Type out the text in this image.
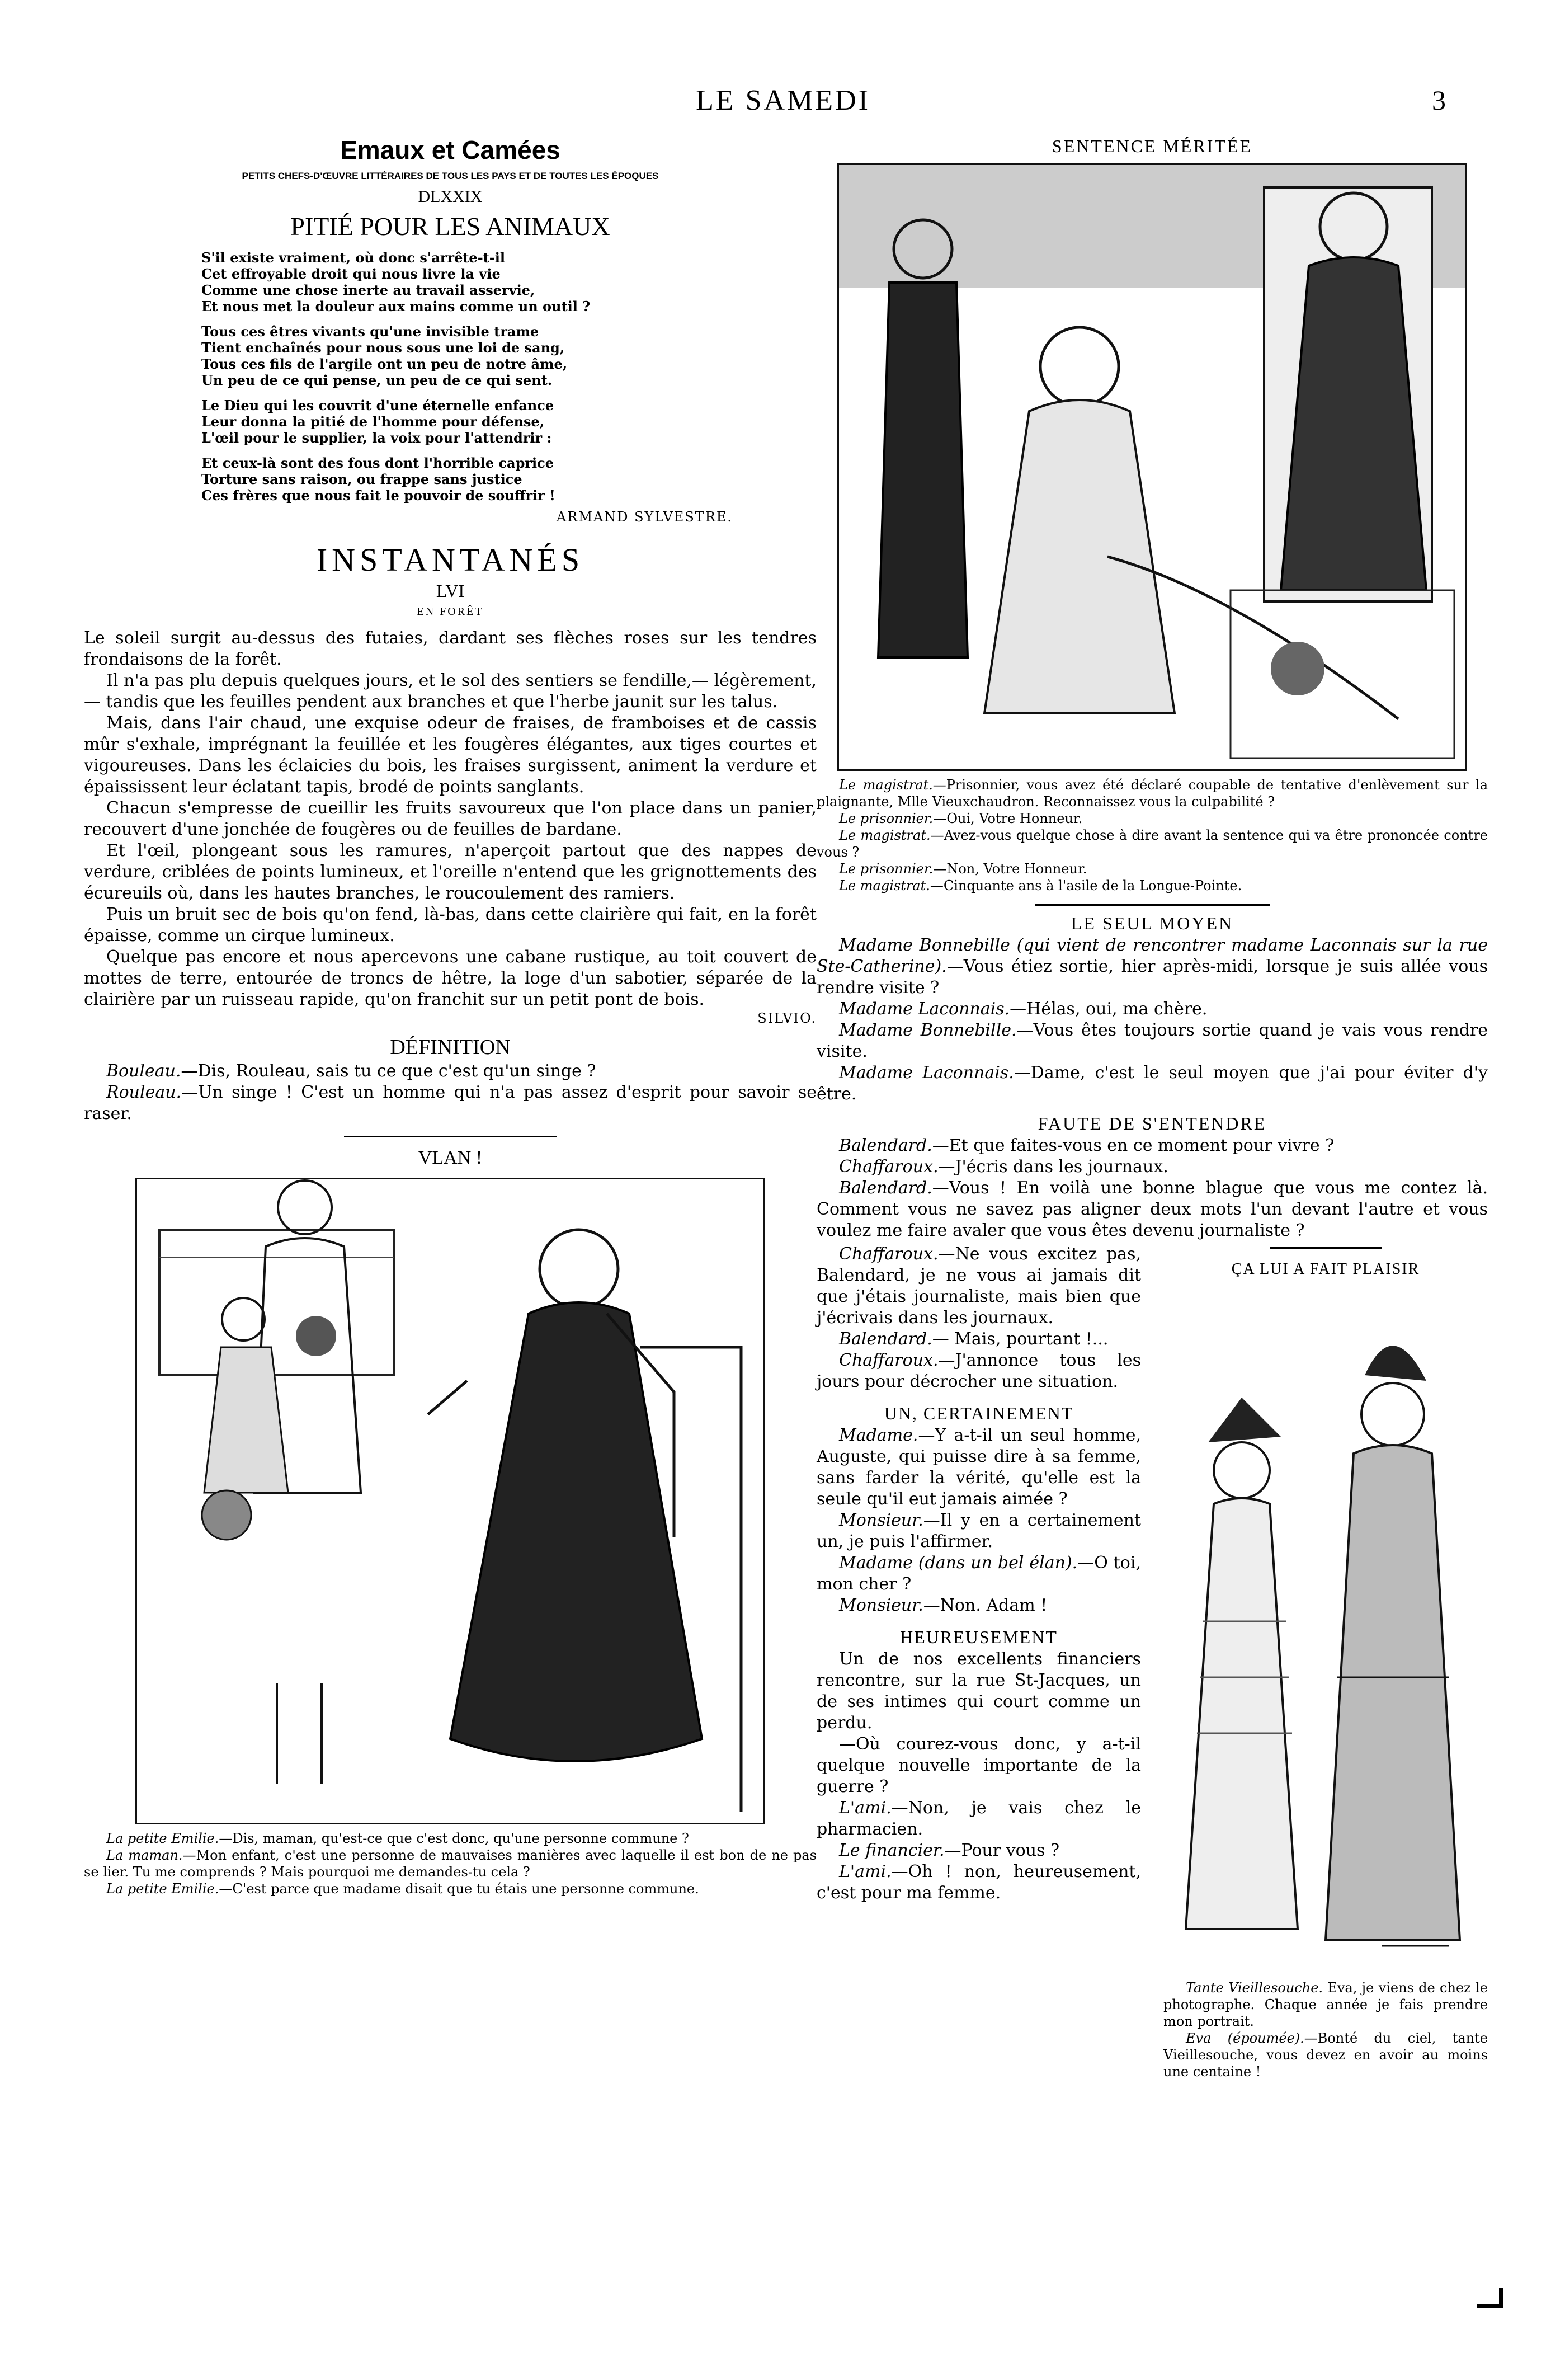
LE SAMEDI	3
Emaux et Camées
PETITS CHEFS-D'ŒUVRE LITTÉRAIRES DE TOUS LES PAYS ET DE TOUTES LES ÉPOQUES
DLXXIX
PITIÉ POUR LES ANIMAUX
S'il existe vraiment, où donc s'arrête-t-il
Cet effroyable droit qui nous livre la vie
Comme une chose inerte au travail asservie,
Et nous met la douleur aux mains comme un outil ?
Tous ces êtres vivants qu'une invisible trame
Tient enchaînés pour nous sous une loi de sang,
Tous ces fils de l'argile ont un peu de notre âme,
Un peu de ce qui pense, un peu de ce qui sent.
Le Dieu qui les couvrit d'une éternelle enfance
Leur donna la pitié de l'homme pour défense,
L'œil pour le supplier, la voix pour l'attendrir :
Et ceux-là sont des fous dont l'horrible caprice
Torture sans raison, ou frappe sans justice
Ces frères que nous fait le pouvoir de souffrir !
ARMAND SYLVESTRE.
INSTANTANÉS
LVI
EN FORÊT

Le soleil surgit au-dessus des futaies, dardant ses flèches roses sur les tendres frondaisons de la forêt.

Il n'a pas plu depuis quelques jours, et le sol des sentiers se fendille,— légèrement, — tandis que les feuilles pendent aux branches et que l'herbe jaunit sur les talus.

Mais, dans l'air chaud, une exquise odeur de fraises, de framboises et de cassis mûr s'exhale, imprégnant la feuillée et les fougères élégantes, aux tiges courtes et vigoureuses. Dans les éclaicies du bois, les fraises surgissent, animent la verdure et épaississent leur éclatant tapis, brodé de points sanglants.

Chacun s'empresse de cueillir les fruits savoureux que l'on place dans un panier, recouvert d'une jonchée de fougères ou de feuilles de bardane.

Et l'œil, plongeant sous les ramures, n'aperçoit partout que des nappes de verdure, criblées de points lumineux, et l'oreille n'entend que les grignottements des écureuils où, dans les hautes branches, le roucoulement des ramiers.

Puis un bruit sec de bois qu'on fend, là-bas, dans cette clairière qui fait, en la forêt épaisse, comme un cirque lumineux.

Quelque pas encore et nous apercevons une cabane rustique, au toit couvert de mottes de terre, entourée de troncs de hêtre, la loge d'un sabotier, séparée de la clairière par un ruisseau rapide, qu'on franchit sur un petit pont de bois.

SILVIO.
DÉFINITION

Bouleau.—Dis, Rouleau, sais tu ce que c'est qu'un singe ?

Rouleau.—Un singe ! C'est un homme qui n'a pas assez d'esprit pour savoir se raser.

VLAN !

La petite Emilie.—Dis, maman, qu'est-ce que c'est donc, qu'une personne commune ?

La maman.—Mon enfant, c'est une personne de mauvaises manières avec laquelle il est bon de ne pas se lier. Tu me comprends ? Mais pourquoi me demandes-tu cela ?

La petite Emilie.—C'est parce que madame disait que tu étais une personne commune.

SENTENCE MÉRITÉE

Le magistrat.—Prisonnier, vous avez été déclaré coupable de tentative d'enlèvement sur la plaignante, Mlle Vieuxchaudron. Reconnaissez vous la culpabilité ?

Le prisonnier.—Oui, Votre Honneur.

Le magistrat.—Avez-vous quelque chose à dire avant la sentence qui va être prononcée contre vous ?

Le prisonnier.—Non, Votre Honneur.

Le magistrat.—Cinquante ans à l'asile de la Longue-Pointe.

LE SEUL MOYEN

Madame Bonnebille (qui vient de rencontrer madame Laconnais sur la rue Ste-Catherine).—Vous étiez sortie, hier après-midi, lorsque je suis allée vous rendre visite ?

Madame Laconnais.—Hélas, oui, ma chère.

Madame Bonnebille.—Vous êtes toujours sortie quand je vais vous rendre visite.

Madame Laconnais.—Dame, c'est le seul moyen que j'ai pour éviter d'y être.

FAUTE DE S'ENTENDRE

Balendard.—Et que faites-vous en ce moment pour vivre ?

Chaffaroux.—J'écris dans les journaux.

Balendard.—Vous ! En voilà une bonne blague que vous me contez là. Comment vous ne savez pas aligner deux mots l'un devant l'autre et vous voulez me faire avaler que vous êtes devenu journaliste ?

Chaffaroux.—Ne vous excitez pas, Balendard, je ne vous ai jamais dit que j'étais journaliste, mais bien que j'écrivais dans les journaux.

Balendard.— Mais, pourtant !...

Chaffaroux.—J'annonce tous les jours pour décrocher une situation.

UN, CERTAINEMENT

Madame.—Y a-t-il un seul homme, Auguste, qui puisse dire à sa femme, sans farder la vérité, qu'elle est la seule qu'il eut jamais aimée ?

Monsieur.—Il y en a certainement un, je puis l'affirmer.

Madame (dans un bel élan).—O toi, mon cher ?

Monsieur.—Non. Adam !

HEUREUSEMENT

Un de nos excellents financiers rencontre, sur la rue St-Jacques, un de ses intimes qui court comme un perdu.

—Où courez-vous donc, y a-t-il quelque nouvelle importante de la guerre ?

L'ami.—Non, je vais chez le pharmacien.

Le financier.—Pour vous ?

L'ami.—Oh ! non, heureusement, c'est pour ma femme.

ÇA LUI A FAIT PLAISIR

Tante Vieillesouche. Eva, je viens de chez le photographe. Chaque année je fais prendre mon portrait.

Eva (époumée).—Bonté du ciel, tante Vieillesouche, vous devez en avoir au moins une centaine !
